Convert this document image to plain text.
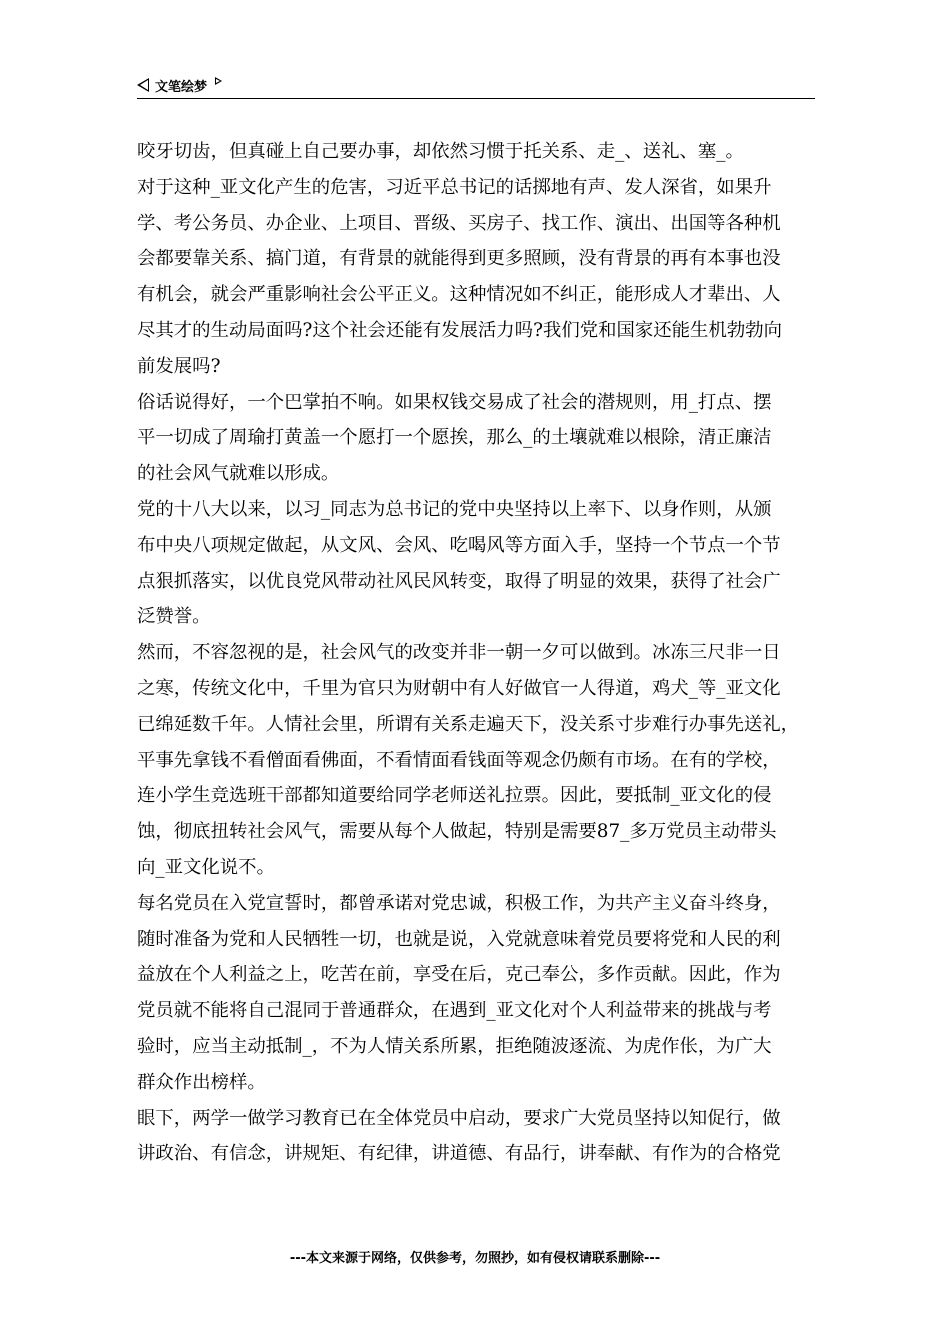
文笔绘梦
咬牙切齿，但真碰上自己要办事，却依然习惯于托关系、走_、送礼、塞_。
对于这种_亚文化产生的危害，习近平总书记的话掷地有声、发人深省，如果升
学、考公务员、办企业、上项目、晋级、买房子、找工作、演出、出国等各种机
会都要靠关系、搞门道，有背景的就能得到更多照顾，没有背景的再有本事也没
有机会，就会严重影响社会公平正义。这种情况如不纠正，能形成人才辈出、人
尽其才的生动局面吗?这个社会还能有发展活力吗?我们党和国家还能生机勃勃向
前发展吗?
俗话说得好，一个巴掌拍不响。如果权钱交易成了社会的潜规则，用_打点、摆
平一切成了周瑜打黄盖一个愿打一个愿挨，那么_的土壤就难以根除，清正廉洁
的社会风气就难以形成。
党的十八大以来，以习_同志为总书记的党中央坚持以上率下、以身作则，从颁
布中央八项规定做起，从文风、会风、吃喝风等方面入手，坚持一个节点一个节
点狠抓落实，以优良党风带动社风民风转变，取得了明显的效果，获得了社会广
泛赞誉。
然而，不容忽视的是，社会风气的改变并非一朝一夕可以做到。冰冻三尺非一日
之寒，传统文化中，千里为官只为财朝中有人好做官一人得道，鸡犬_等_亚文化
已绵延数千年。人情社会里，所谓有关系走遍天下，没关系寸步难行办事先送礼，
平事先拿钱不看僧面看佛面，不看情面看钱面等观念仍颇有市场。在有的学校，
连小学生竞选班干部都知道要给同学老师送礼拉票。因此，要抵制_亚文化的侵
蚀，彻底扭转社会风气，需要从每个人做起，特别是需要87_多万党员主动带头
向_亚文化说不。
每名党员在入党宣誓时，都曾承诺对党忠诚，积极工作，为共产主义奋斗终身，
随时准备为党和人民牺牲一切，也就是说，入党就意味着党员要将党和人民的利
益放在个人利益之上，吃苦在前，享受在后，克己奉公，多作贡献。因此，作为
党员就不能将自己混同于普通群众，在遇到_亚文化对个人利益带来的挑战与考
验时，应当主动抵制_，不为人情关系所累，拒绝随波逐流、为虎作伥，为广大
群众作出榜样。
眼下，两学一做学习教育已在全体党员中启动，要求广大党员坚持以知促行，做
讲政治、有信念，讲规矩、有纪律，讲道德、有品行，讲奉献、有作为的合格党
---本文来源于网络，仅供参考，勿照抄，如有侵权请联系删除---
